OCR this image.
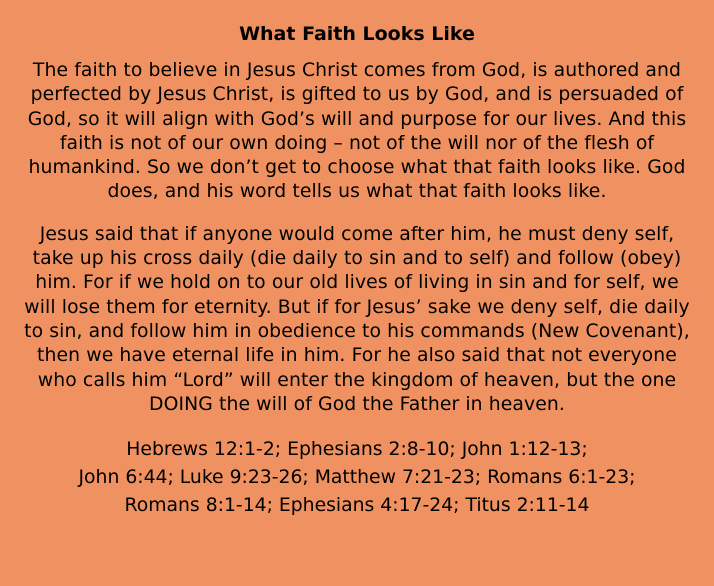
What Faith Looks Like

The faith to believe in Jesus Christ comes from God, is authored and perfected by Jesus Christ, is gifted to us by God, and is persuaded of God, so it will align with God’s will and purpose for our lives. And this faith is not of our own doing – not of the will nor of the flesh of humankind. So we don’t get to choose what that faith looks like. God does, and his word tells us what that faith looks like.

Jesus said that if anyone would come after him, he must deny self, take up his cross daily (die daily to sin and to self) and follow (obey) him. For if we hold on to our old lives of living in sin and for self, we will lose them for eternity. But if for Jesus’ sake we deny self, die daily to sin, and follow him in obedience to his commands (New Covenant), then we have eternal life in him. For he also said that not everyone who calls him “Lord” will enter the kingdom of heaven, but the one DOING the will of God the Father in heaven.

Hebrews 12:1-2; Ephesians 2:8-10; John 1:12-13;
John 6:44; Luke 9:23-26; Matthew 7:21-23; Romans 6:1-23;
Romans 8:1-14; Ephesians 4:17-24; Titus 2:11-14
